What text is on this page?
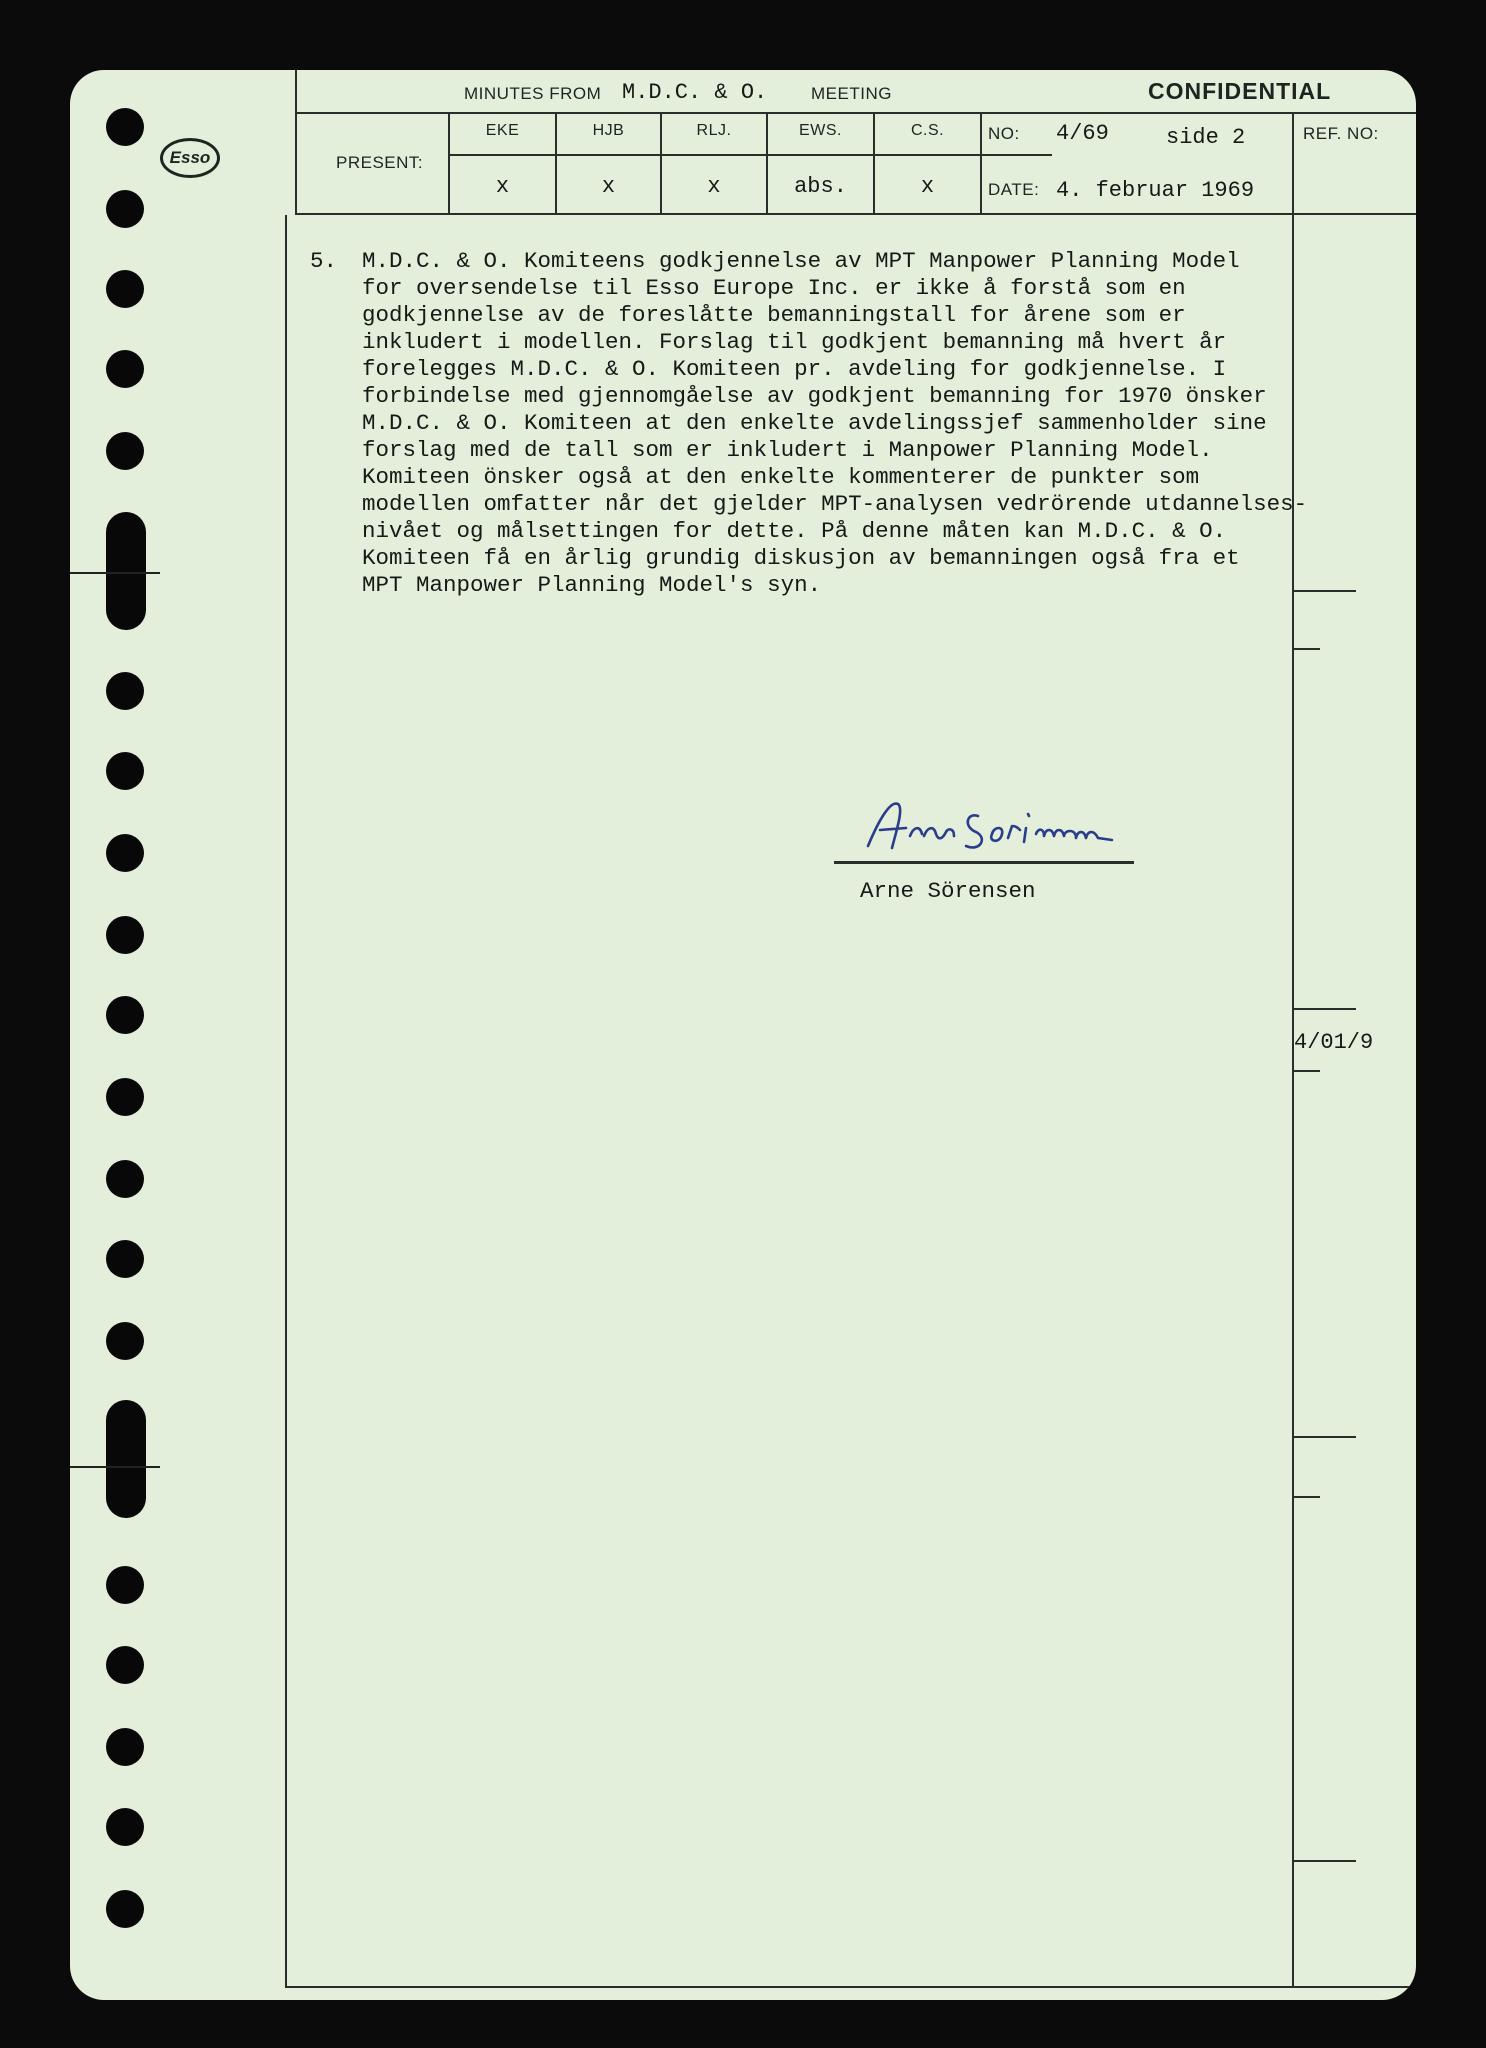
Esso
MINUTES FROM M.D.C. & O.	MEETING	CONFIDENTIAL
PRESENT:
EKE	HJB	RLJ.	EWS.	C.S.
x	x	x	abs.	x
NO: 4/69	side 2
DATE: 4. februar 1969
REF. NO:
4/01/9
5. M.D.C. & O. Komiteens godkjennelse av MPT Manpower Planning Model
for oversendelse til Esso Europe Inc. er ikke å forstå som en
godkjennelse av de foreslåtte bemanningstall for årene som er
inkludert i modellen. Forslag til godkjent bemanning må hvert år
forelegges M.D.C. & O. Komiteen pr. avdeling for godkjennelse. I
forbindelse med gjennomgåelse av godkjent bemanning for 1970 önsker
M.D.C. & O. Komiteen at den enkelte avdelingssjef sammenholder sine
forslag med de tall som er inkludert i Manpower Planning Model.
Komiteen önsker også at den enkelte kommenterer de punkter som
modellen omfatter når det gjelder MPT-analysen vedrörende utdannelses-
nivået og målsettingen for dette. På denne måten kan M.D.C. & O.
Komiteen få en årlig grundig diskusjon av bemanningen også fra et
MPT Manpower Planning Model's syn.
Arne Sörensen
